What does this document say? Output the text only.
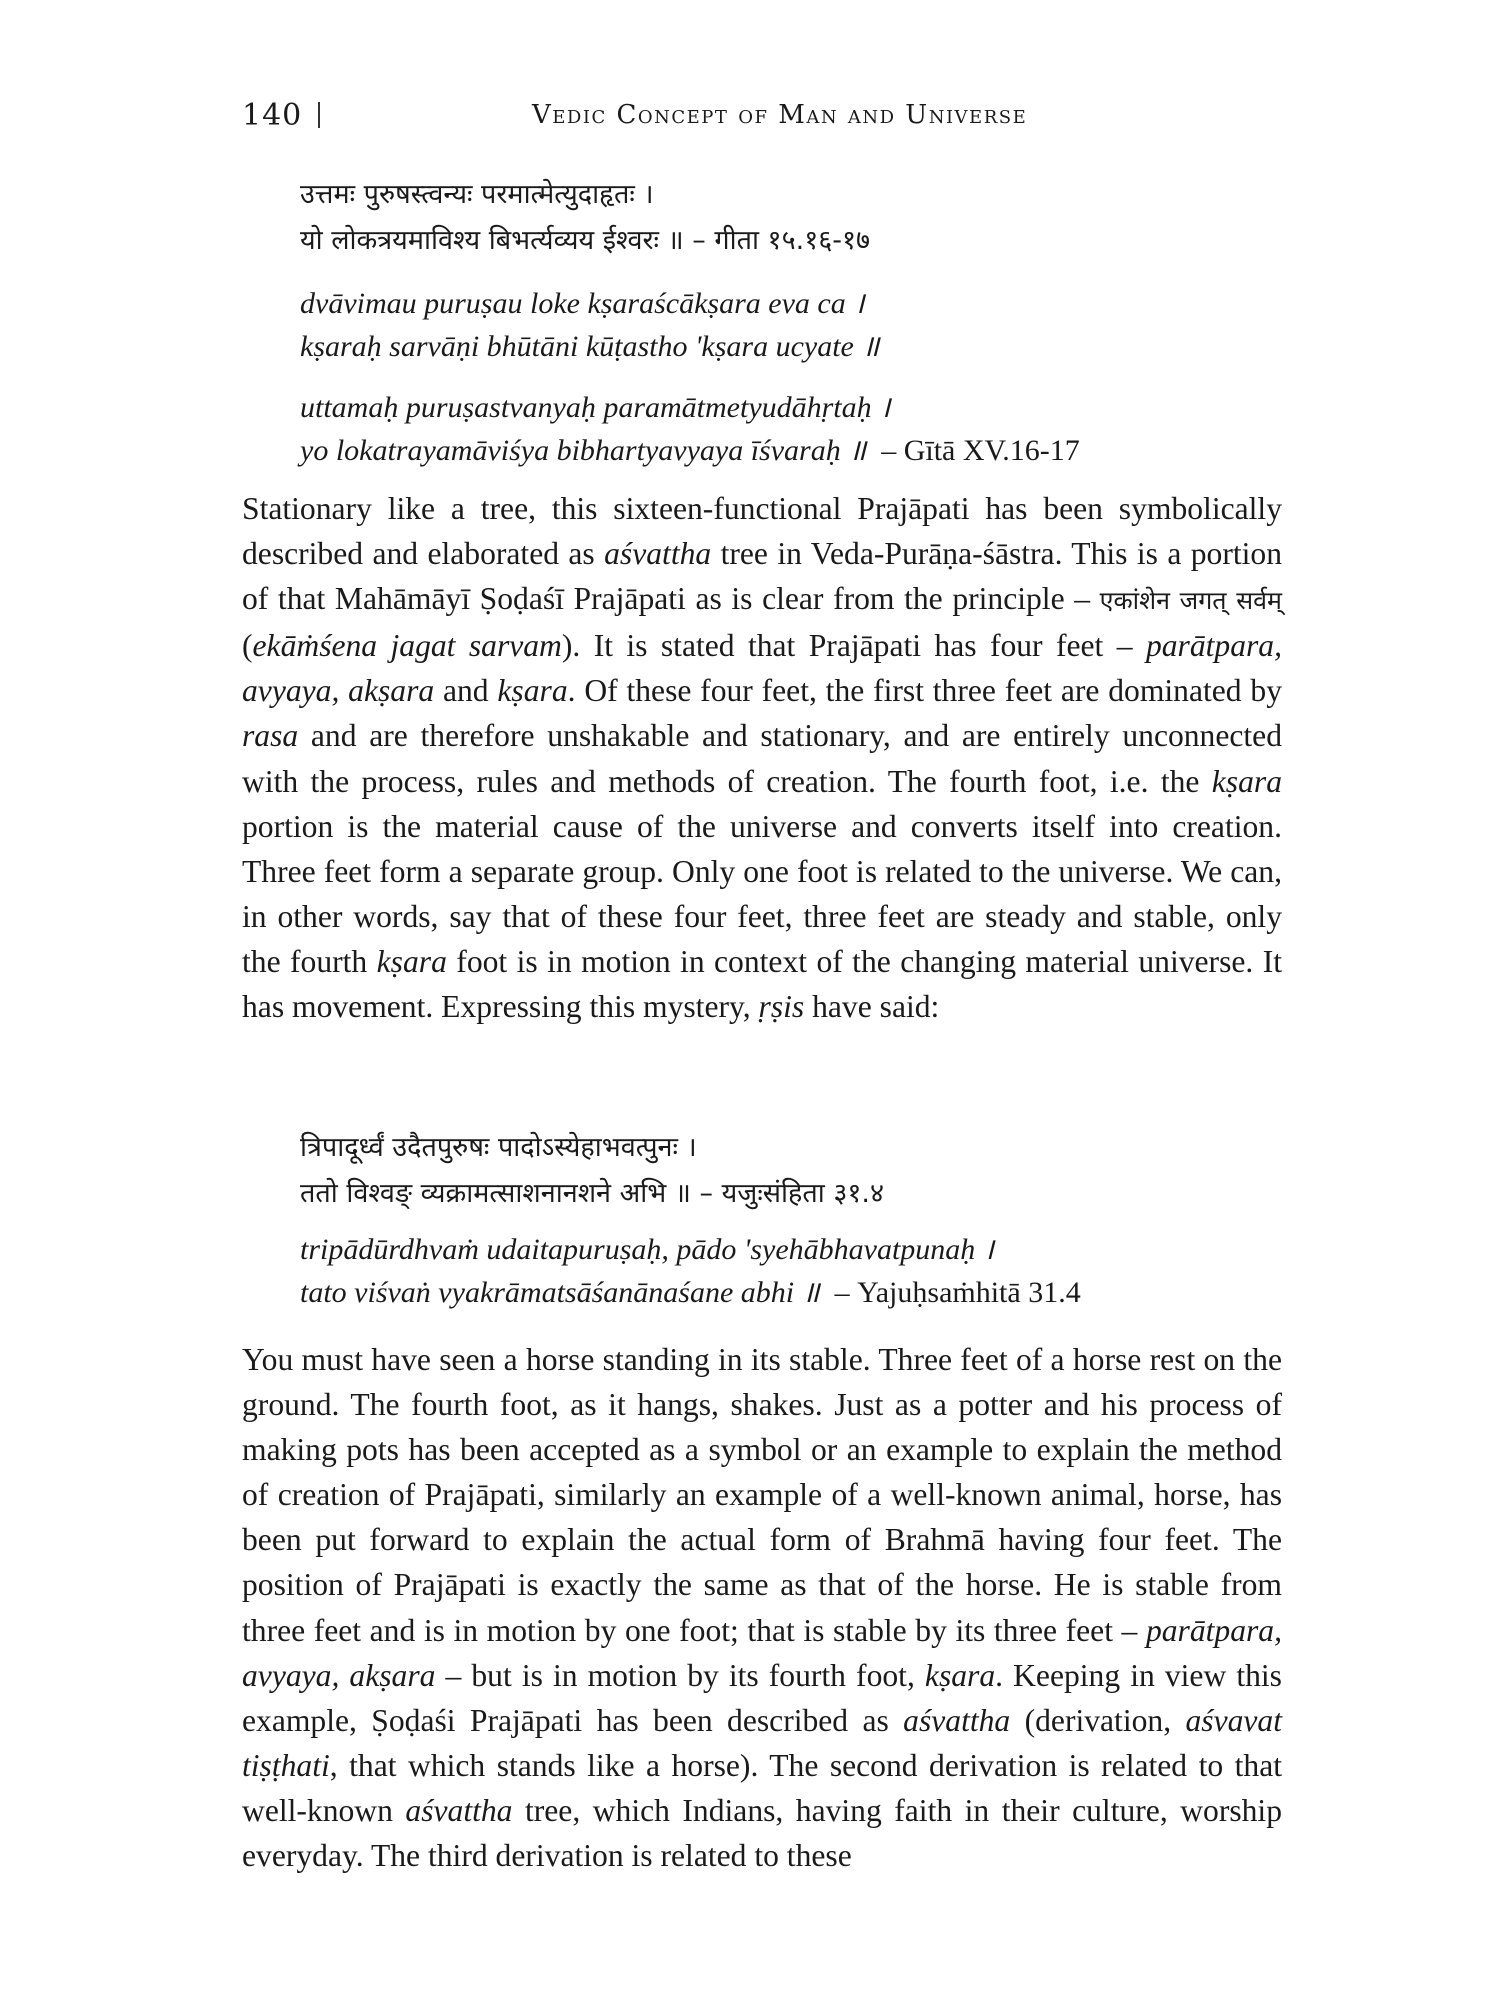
140	Vedic Concept of Man and Universe
उत्तमः पुरुषस्त्वन्यः परमात्मेत्युदाहृतः ।
यो लोकत्रयमाविश्य बिभर्त्यव्यय ईश्वरः ॥ – गीता १५.१६-१७
dvāvimau puruṣau loke kṣaraścākṣara eva ca ।
kṣaraḥ sarvāṇi bhūtāni kūṭastho 'kṣara ucyate ॥
uttamaḥ puruṣastvanyaḥ paramātmetyudāhṛtaḥ ।
yo lokatrayamāviśya bibhartyavyaya īśvaraḥ ॥ – Gītā XV.16-17

Stationary like a tree, this sixteen-functional Prajāpati has been symbolically described and elaborated as aśvattha tree in Veda-Purāṇa-śāstra. This is a portion of that Mahāmāyī Ṣoḍaśī Prajāpati as is clear from the principle – एकांशेन जगत् सर्वम् (ekāṁśena jagat sarvam). It is stated that Prajāpati has four feet – parātpara, avyaya, akṣara and kṣara. Of these four feet, the first three feet are dominated by rasa and are therefore unshakable and stationary, and are entirely unconnected with the process, rules and methods of creation. The fourth foot, i.e. the kṣara portion is the material cause of the universe and converts itself into creation. Three feet form a separate group. Only one foot is related to the universe. We can, in other words, say that of these four feet, three feet are steady and stable, only the fourth kṣara foot is in motion in context of the changing material universe. It has movement. Expressing this mystery, ṛṣis have said:

त्रिपादूर्ध्वं उदैतपुरुषः पादोऽस्येहाभवत्पुनः ।
ततो विश्वङ् व्यक्रामत्साशनानशने अभि ॥ – यजुःसंहिता ३१.४
tripādūrdhvaṁ udaitapuruṣaḥ, pādo 'syehābhavatpunaḥ ।
tato viśvaṅ vyakrāmatsāśanānaśane abhi ॥ – Yajuḥsaṁhitā 31.4

You must have seen a horse standing in its stable. Three feet of a horse rest on the ground. The fourth foot, as it hangs, shakes. Just as a potter and his process of making pots has been accepted as a symbol or an example to explain the method of creation of Prajāpati, similarly an example of a well-known animal, horse, has been put forward to explain the actual form of Brahmā having four feet. The position of Prajāpati is exactly the same as that of the horse. He is stable from three feet and is in motion by one foot; that is stable by its three feet – parātpara, avyaya, akṣara – but is in motion by its fourth foot, kṣara. Keeping in view this example, Ṣoḍaśi Prajāpati has been described as aśvattha (derivation, aśvavat tiṣṭhati, that which stands like a horse). The second derivation is related to that well-known aśvattha tree, which Indians, having faith in their culture, worship everyday. The third derivation is related to these
